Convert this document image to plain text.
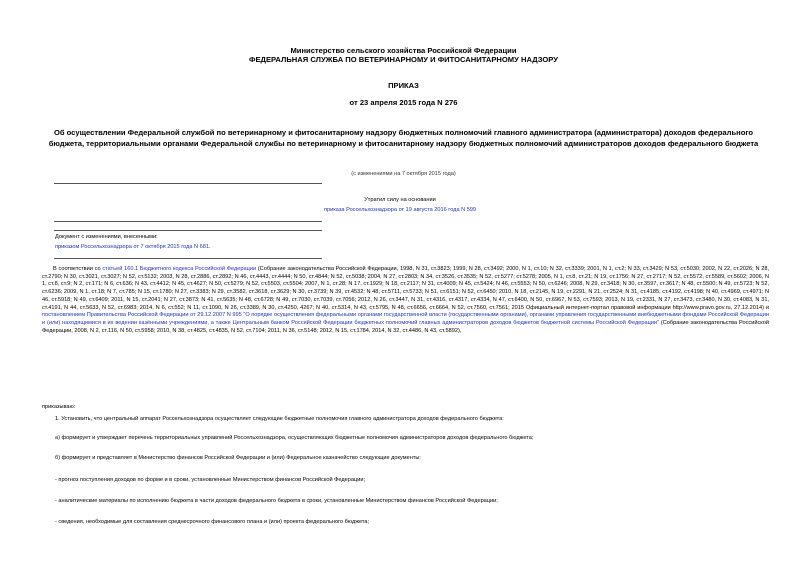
Министерство сельского хозяйства Российской Федерации
ФЕДЕРАЛЬНАЯ СЛУЖБА ПО ВЕТЕРИНАРНОМУ И ФИТОСАНИТАРНОМУ НАДЗОРУ
ПРИКАЗ
от 23 апреля 2015 года N 276
Об осуществлении Федеральной службой по ветеринарному и фитосанитарному надзору бюджетных полномочий главного администратора (администратора) доходов федерального бюджета, территориальными органами Федеральной службы по ветеринарному и фитосанитарному надзору бюджетных полномочий администраторов доходов федерального бюджета
(с изменениями на 7 октября 2015 года)
Утратил силу на основании
приказа Россельхознадзора от 19 августа 2016 года N 599
Документ с изменениями, внесенными:
приказом Россельхознадзора от 7 октября 2015 года N 681.
В соответствии со статьей 160.1 Бюджетного кодекса Российской Федерации (Собрание законодательства Российской Федерации, 1998, N 31, ст.3823; 1999, N 28, ст.3492; 2000, N 1, ст.10; N 32, ст.3339; 2001, N 1, ст.2; N 33, ст.3429; N 53, ст.5030; 2002, N 22, ст.2026; N 28, ст.2790; N 30, ст.3021, ст.3027; N 52, ст.5132; 2003, N 28, ст.2886, ст.2892; N 46, ст.4443, ст.4444; N 50, ст.4844; N 52, ст.5038; 2004, N 27, ст.2803; N 34, ст.3526, ст.3535; N 52, ст.5277; ст.5278; 2005, N 1, ст.8, ст.21; N 19, ст.1756; N 27, ст.2717; N 52, ст.5572, ст.5589, ст.5602; 2006, N 1, ст.8, ст.9; N 2, ст.171; N 6, ст.636; N 43, ст.4412; N 45, ст.4627; N 50, ст.5279; N 52, ст.5503, ст.5504; 2007, N 1, ст.28; N 17, ст.1929; N 18, ст.2117; N 31, ст.4009; N 45, ст.5424; N 46, ст.5553; N 50, ст.6246; 2008, N 29, ст.3418; N 30, ст.3597, ст.3617; N 48, ст.5500; N 49, ст.5723; N 52, ст.6236; 2009, N 1, ст.18; N 7, ст.785; N 15, ст.1780; N 27, ст.3383; N 29, ст.3582, ст.3618, ст.3629; N 30, ст.3739; N 39, ст.4532; N 48, ст.5711, ст.5733; N 51, ст.6151; N 52, ст.6450; 2010, N 18, ст.2145, N 19, ст.2291, N 21, ст.2524; N 31, ст.4185, ст.4192, ст.4198; N 40, ст.4969, ст.4971; N 46, ст.5918; N 49, ст.6409; 2011, N 15, ст.2041; N 27, ст.3873; N 41, ст.5635; N 48, ст.6728; N 49, ст.7030, ст.7039, ст.7056; 2012, N 26, ст.3447, N 31, ст.4316, ст.4317, ст.4334, N 47, ст.6400, N 50, ст.6967, N 53, ст.7593; 2013, N 19, ст.2331, N 27, ст.3473, ст.3480, N 30, ст.4083, N 31, ст.4191, N 44, ст.5633, N 52, ст.6983; 2014, N 6, ст.552; N 11, ст.1090, N 26, ст.3389, N 30, ст.4250, 4267; N 40, ст.5314, N 43, ст.5795, N 48, ст.6656, ст.6664, N 52, ст.7560, ст.7561; 2015 Официальный интернет-портал правовой информации http://www.pravo.gov.ru, 27.12.2014) и постановлением Правительства Российской Федерации от 29.12.2007 N 995 "О порядке осуществления федеральными органами государственной власти (государственными органами), органами управления государственными внебюджетными фондами Российской Федерации и (или) находящимися в их ведении казёнными учреждениями, а также Центральным банком Российской Федерации бюджетных полномочий главных администраторов доходов бюджетов бюджетной системы Российской Федерации" (Собрание законодательства Российской Федерации, 2008, N 2, ст.116, N 50, ст.5958; 2010, N 38, ст.4825, ст.4835, N 52, ст.7104; 2011, N 36, ст.5148; 2012, N 15, ст.1784, 2014, N 32, ст.4486, N 43, ст.5892),
приказываю:
1. Установить, что центральный аппарат Россельхознадзора осуществляет следующие бюджетные полномочия главного администратора доходов федерального бюджета:
а) формирует и утверждает перечень территориальных управлений Россельхознадзора, осуществляющих бюджетные полномочия администраторов доходов федерального бюджета;
б) формирует и представляет в Министерство финансов Российской Федерации и (или) Федеральное казначейство следующие документы:
- прогноз поступления доходов по форме и в сроки, установленные Министерством финансов Российской Федерации;
- аналитические материалы по исполнению бюджета в части доходов федерального бюджета в сроки, установленные Министерством финансов Российской Федерации;
- сведения, необходимые для составления среднесрочного финансового плана и (или) проекта федерального бюджета;
